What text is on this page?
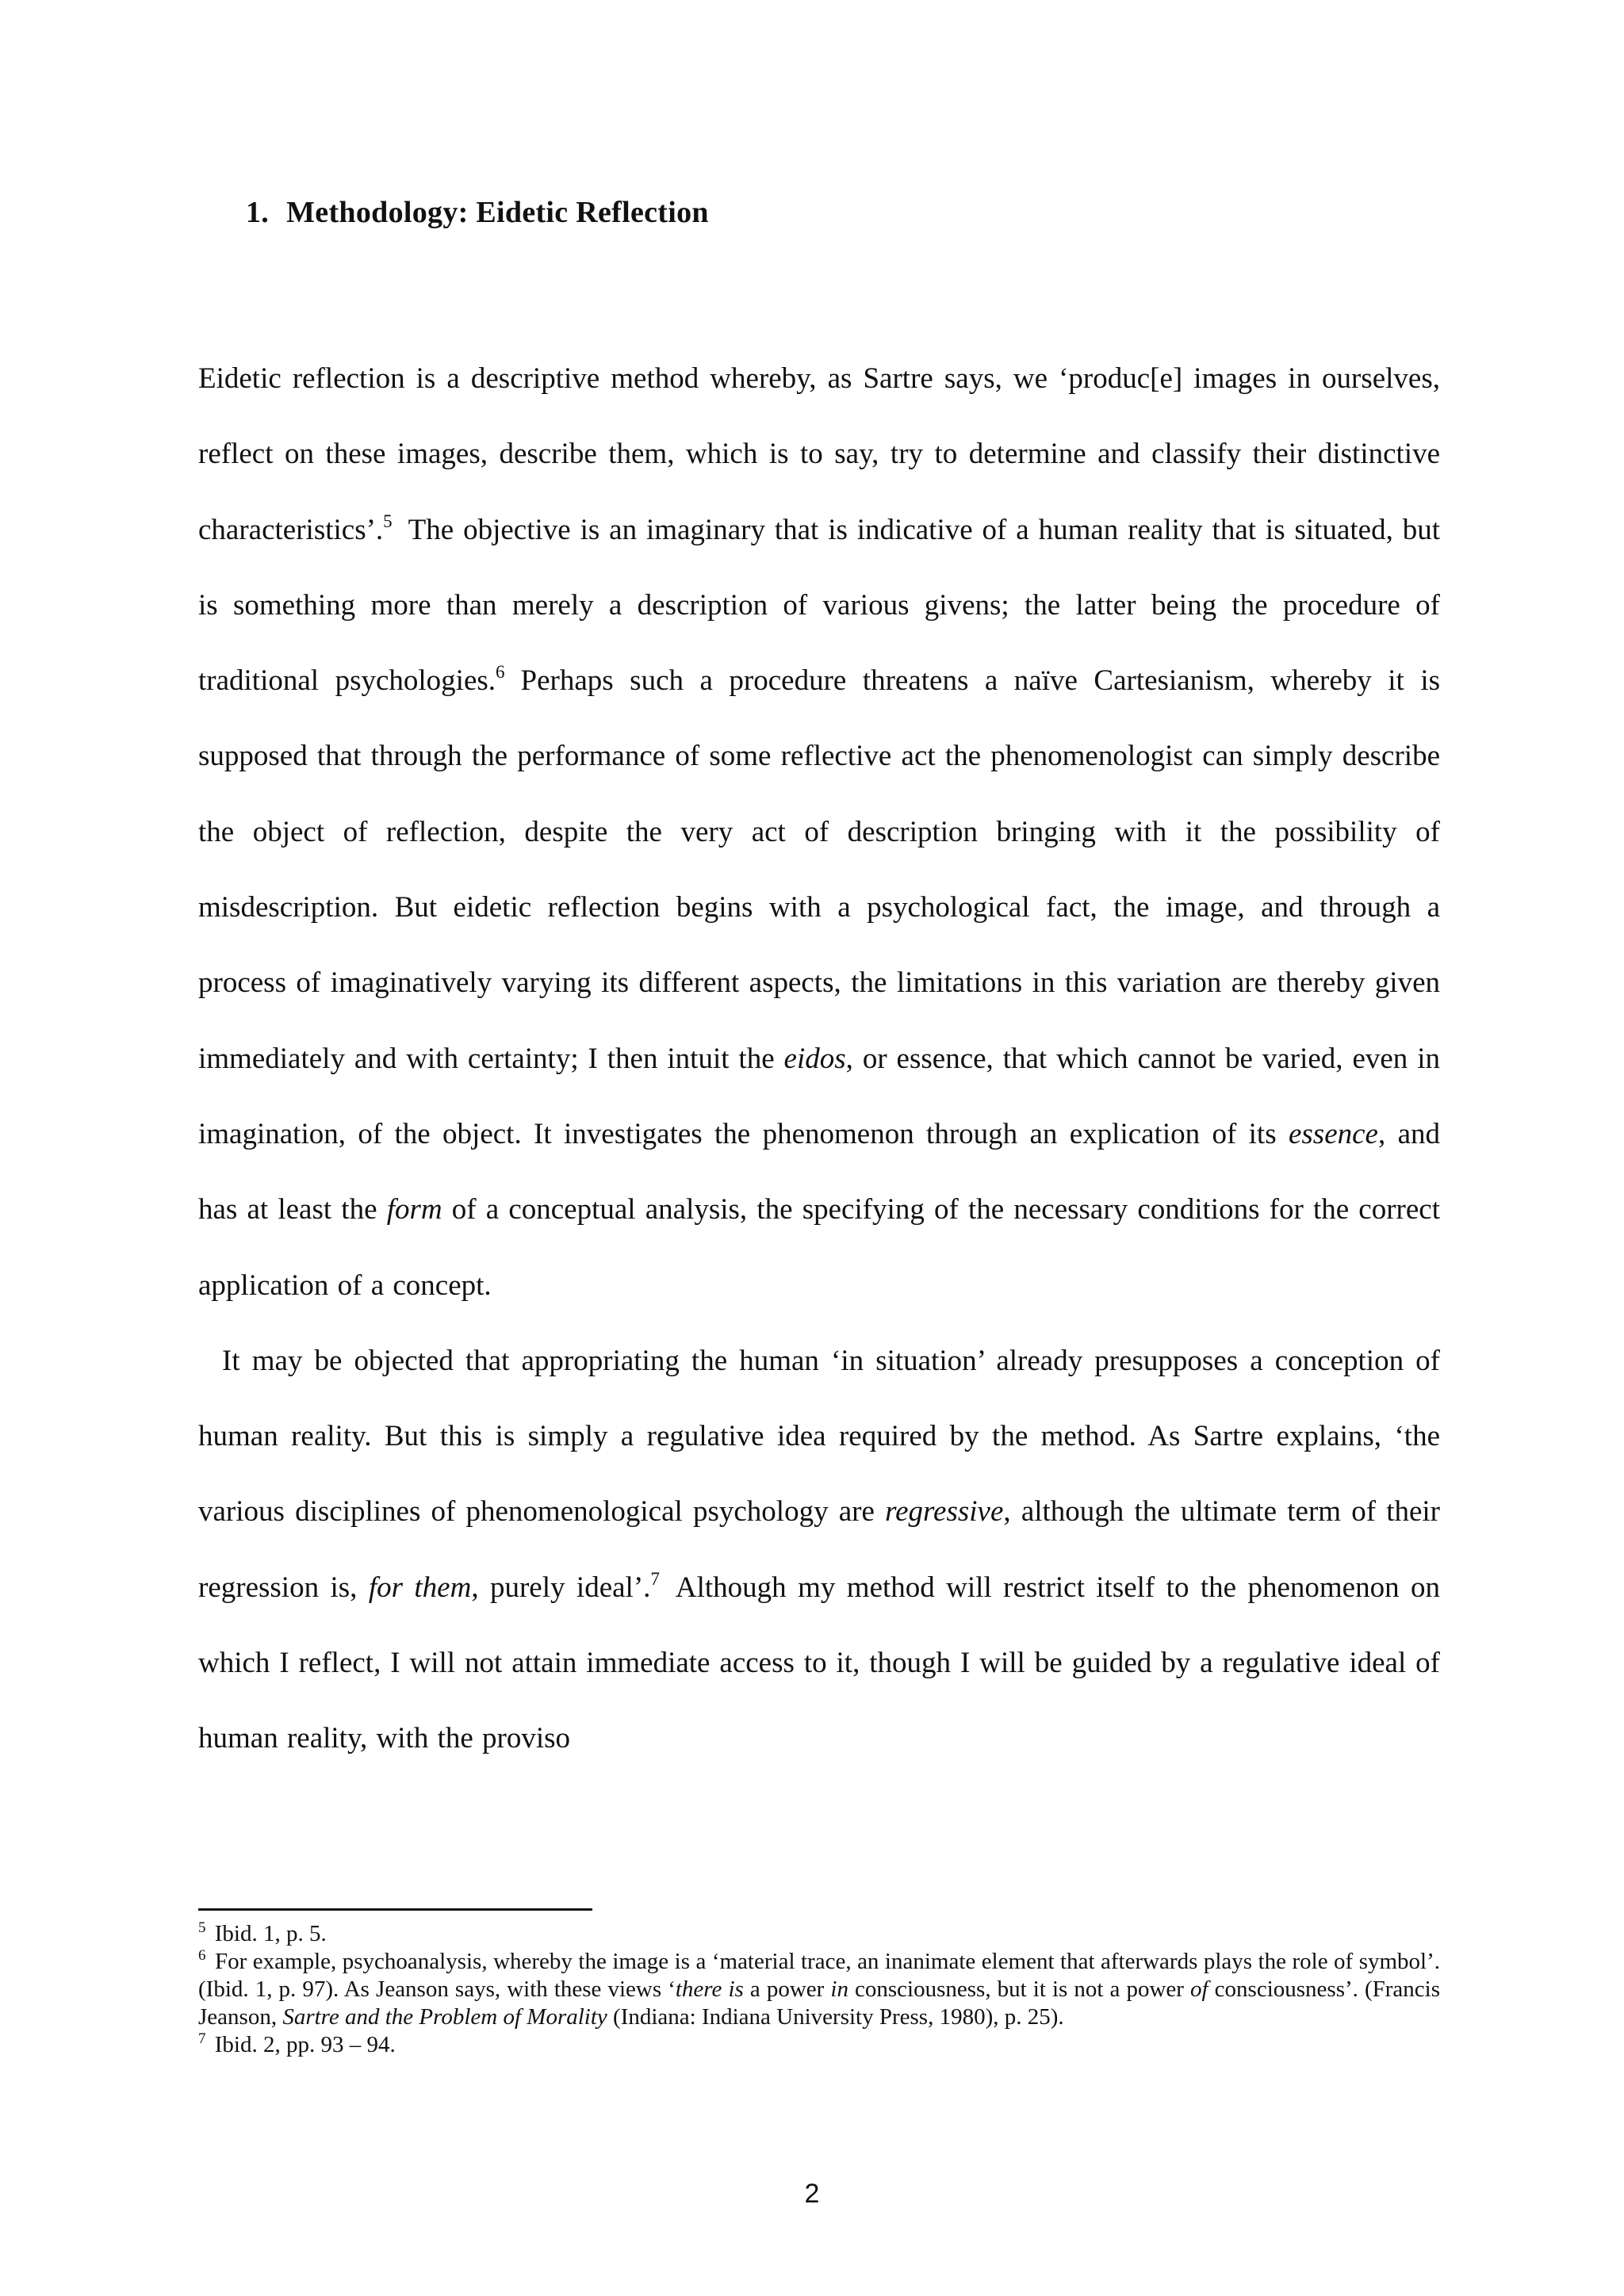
1. Methodology: Eidetic Reflection

Eidetic reflection is a descriptive method whereby, as Sartre says, we ‘produc[e] images in ourselves, reflect on these images, describe them, which is to say, try to determine and classify their distinctive characteristics’.$^5$ The objective is an imaginary that is indicative of a human reality that is situated, but is something more than merely a description of various givens; the latter being the procedure of traditional psychologies.$^6$ Perhaps such a procedure threatens a naïve Cartesianism, whereby it is supposed that through the performance of some reflective act the phenomenologist can simply describe the object of reflection, despite the very act of description bringing with it the possibility of misdescription. But eidetic reflection begins with a psychological fact, the image, and through a process of imaginatively varying its different aspects, the limitations in this variation are thereby given immediately and with certainty; I then intuit the eidos, or essence, that which cannot be varied, even in imagination, of the object. It investigates the phenomenon through an explication of its essence, and has at least the form of a conceptual analysis, the specifying of the necessary conditions for the correct application of a concept.

It may be objected that appropriating the human ‘in situation’ already presupposes a conception of human reality. But this is simply a regulative idea required by the method. As Sartre explains, ‘the various disciplines of phenomenological psychology are regressive, although the ultimate term of their regression is, for them, purely ideal’.$^7$ Although my method will restrict itself to the phenomenon on which I reflect, I will not attain immediate access to it, though I will be guided by a regulative ideal of human reality, with the proviso

$^5$ Ibid. 1, p. 5.

$^6$ For example, psychoanalysis, whereby the image is a ‘material trace, an inanimate element that afterwards plays the role of symbol’. (Ibid. 1, p. 97). As Jeanson says, with these views ‘there is a power in consciousness, but it is not a power of consciousness’. (Francis Jeanson, Sartre and the Problem of Morality (Indiana: Indiana University Press, 1980), p. 25).

$^7$ Ibid. 2, pp. 93 – 94.

2
